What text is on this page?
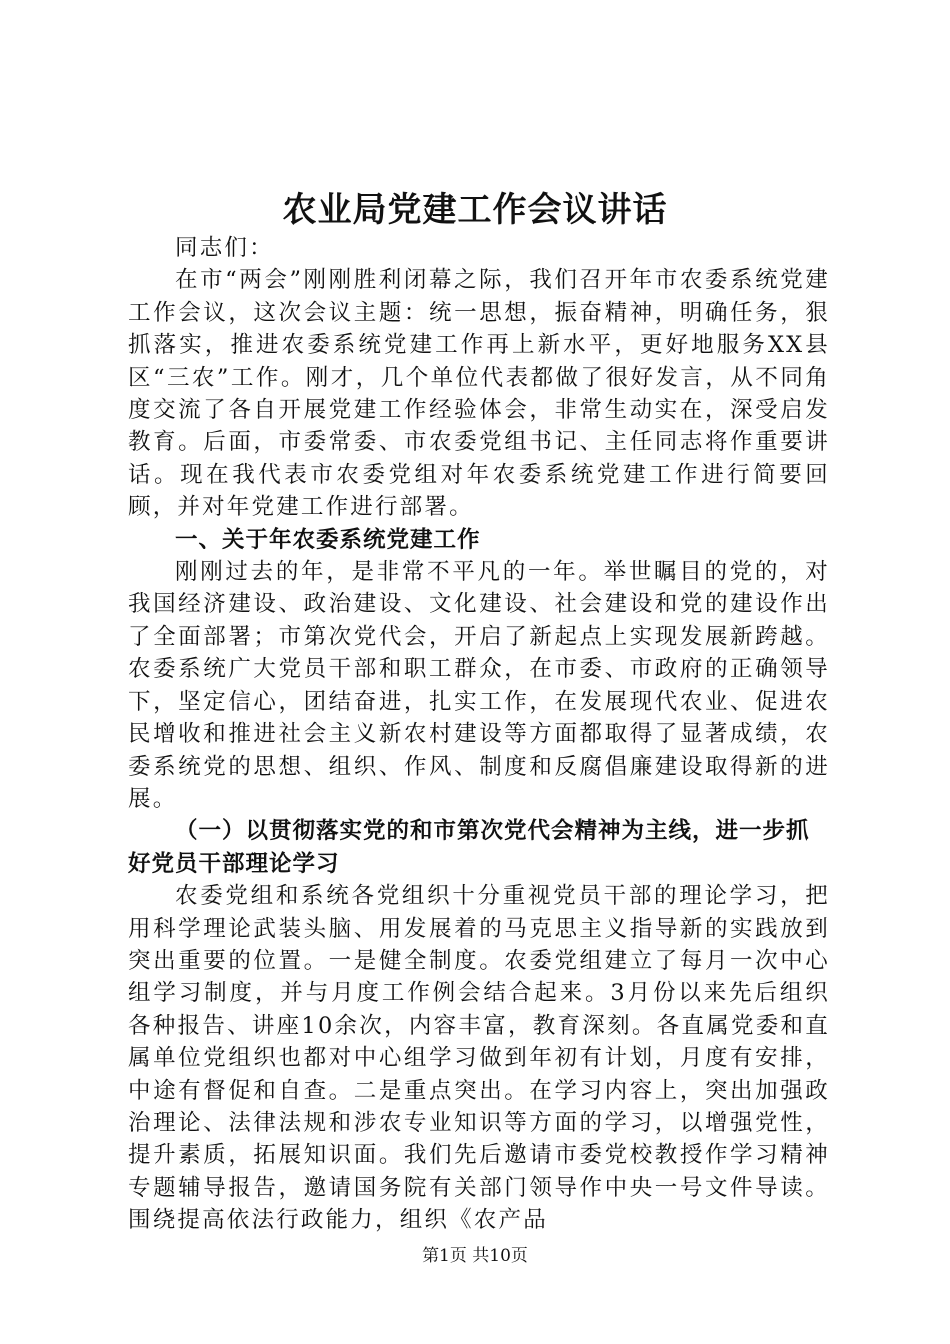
农业局党建工作会议讲话

同志们：

在市“两会”刚刚胜利闭幕之际，我们召开年市农委系统党建工作会议，这次会议主题：统一思想，振奋精神，明确任务，狠抓落实，推进农委系统党建工作再上新水平，更好地服务XX县区“三农”工作。刚才，几个单位代表都做了很好发言，从不同角度交流了各自开展党建工作经验体会，非常生动实在，深受启发教育。后面，市委常委、市农委党组书记、主任同志将作重要讲话。现在我代表市农委党组对年农委系统党建工作进行简要回顾，并对年党建工作进行部署。

一、关于年农委系统党建工作

刚刚过去的年，是非常不平凡的一年。举世瞩目的党的，对我国经济建设、政治建设、文化建设、社会建设和党的建设作出了全面部署；市第次党代会，开启了新起点上实现发展新跨越。农委系统广大党员干部和职工群众，在市委、市政府的正确领导下，坚定信心，团结奋进，扎实工作，在发展现代农业、促进农民增收和推进社会主义新农村建设等方面都取得了显著成绩，农委系统党的思想、组织、作风、制度和反腐倡廉建设取得新的进展。

（一）以贯彻落实党的和市第次党代会精神为主线，进一步抓好党员干部理论学习

农委党组和系统各党组织十分重视党员干部的理论学习，把用科学理论武装头脑、用发展着的马克思主义指导新的实践放到突出重要的位置。一是健全制度。农委党组建立了每月一次中心组学习制度，并与月度工作例会结合起来。3月份以来先后组织各种报告、讲座10余次，内容丰富，教育深刻。各直属党委和直属单位党组织也都对中心组学习做到年初有计划，月度有安排，中途有督促和自查。二是重点突出。在学习内容上，突出加强政治理论、法律法规和涉农专业知识等方面的学习，以增强党性，提升素质，拓展知识面。我们先后邀请市委党校教授作学习精神专题辅导报告，邀请国务院有关部门领导作中央一号文件导读。围绕提高依法行政能力，组织《农产品

第1页 共10页
